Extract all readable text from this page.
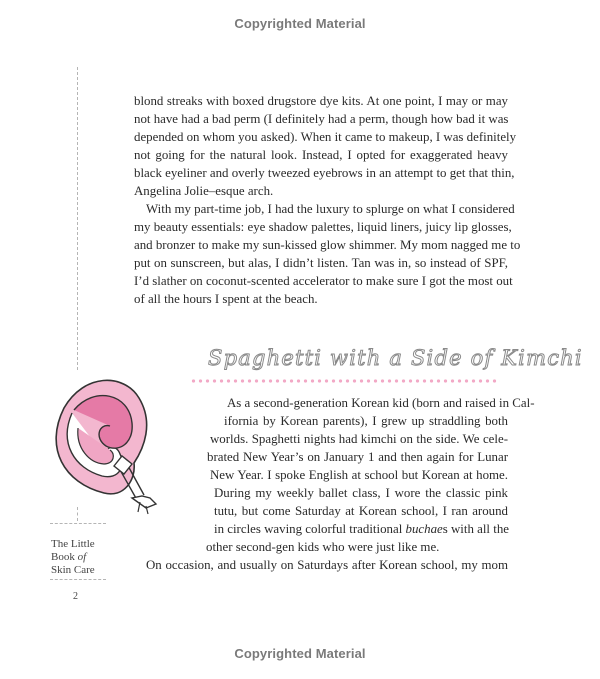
Copyrighted Material
blond streaks with boxed drugstore dye kits. At one point, I may or may
not have had a bad perm (I definitely had a perm, though how bad it was
depended on whom you asked). When it came to makeup, I was definitely
not going for the natural look. Instead, I opted for exaggerated heavy
black eyeliner and overly tweezed eyebrows in an attempt to get that thin,
Angelina Jolie–esque arch.
With my part-time job, I had the luxury to splurge on what I considered
my beauty essentials: eye shadow palettes, liquid liners, juicy lip glosses,
and bronzer to make my sun-kissed glow shimmer. My mom nagged me to
put on sunscreen, but alas, I didn’t listen. Tan was in, so instead of SPF,
I’d slather on coconut-scented accelerator to make sure I got the most out
of all the hours I spent at the beach.
Spaghetti with a Side of Kimchi
As a second-generation Korean kid (born and raised in Cal-
ifornia by Korean parents), I grew up straddling both
worlds. Spaghetti nights had kimchi on the side. We cele-
brated New Year’s on January 1 and then again for Lunar
New Year. I spoke English at school but Korean at home.
During my weekly ballet class, I wore the classic pink
tutu, but come Saturday at Korean school, I ran around
in circles waving colorful traditional buchaes with all the
other second-gen kids who were just like me.
On occasion, and usually on Saturdays after Korean school, my mom
The Little
Book of
Skin Care
2
Copyrighted Material
